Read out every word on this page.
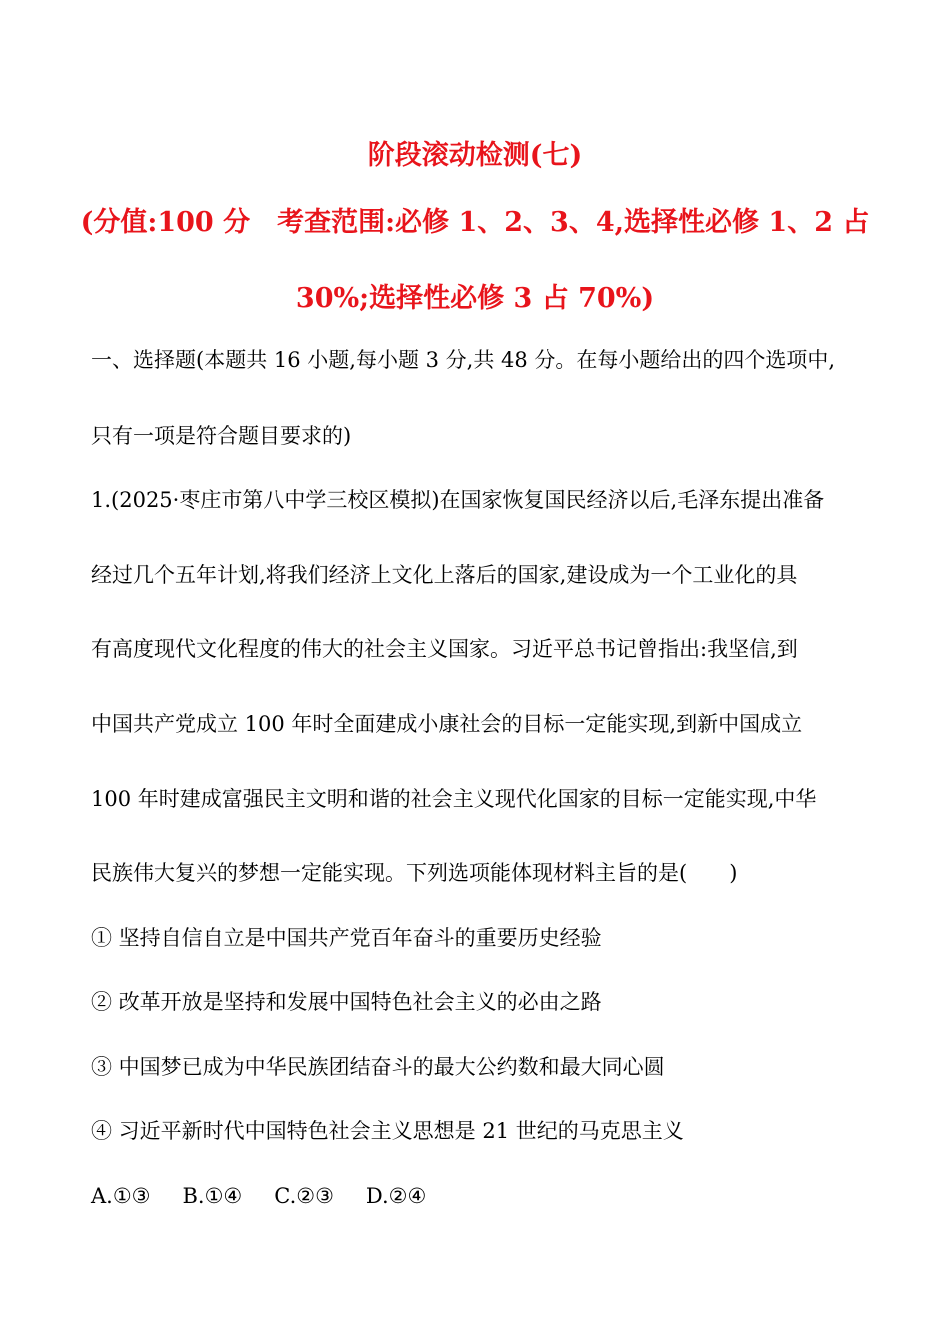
阶段滚动检测(七)
(分值:100 分　考查范围:必修 1、2、3、4,选择性必修 1、2 占
30%;选择性必修 3 占 70%)
一、选择题(本题共 16 小题,每小题 3 分,共 48 分。在每小题给出的四个选项中,
只有一项是符合题目要求的)
1.(2025·枣庄市第八中学三校区模拟)在国家恢复国民经济以后,毛泽东提出准备
经过几个五年计划,将我们经济上文化上落后的国家,建设成为一个工业化的具
有高度现代文化程度的伟大的社会主义国家。习近平总书记曾指出:我坚信,到
中国共产党成立 100 年时全面建成小康社会的目标一定能实现,到新中国成立
100 年时建成富强民主文明和谐的社会主义现代化国家的目标一定能实现,中华
民族伟大复兴的梦想一定能实现。下列选项能体现材料主旨的是(　　)
① 坚持自信自立是中国共产党百年奋斗的重要历史经验
② 改革开放是坚持和发展中国特色社会主义的必由之路
③ 中国梦已成为中华民族团结奋斗的最大公约数和最大同心圆
④ 习近平新时代中国特色社会主义思想是 21 世纪的马克思主义
A.①③ B.①④ C.②③ D.②④
